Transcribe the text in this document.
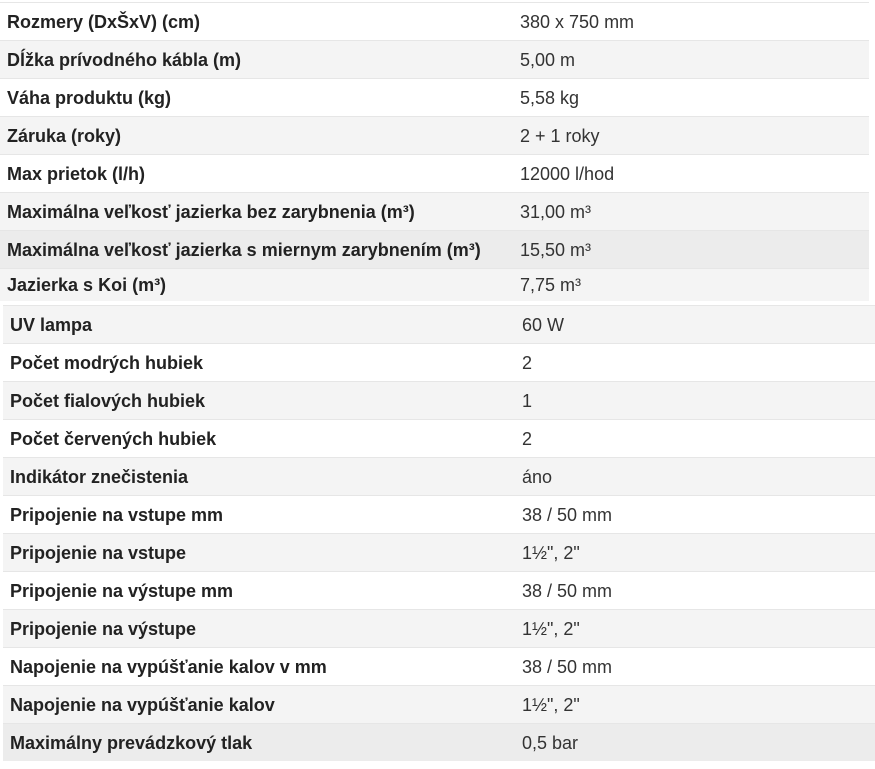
Rozmery (DxŠxV) (cm)	380 x 750 mm
Dĺžka prívodného kábla (m)	5,00 m
Váha produktu (kg)	5,58 kg
Záruka (roky)	2 + 1 roky
Max prietok (l/h)	12000 l/hod
Maximálna veľkosť jazierka bez zarybnenia (m³)	31,00 m³
Maximálna veľkosť jazierka s miernym zarybnením (m³)	15,50 m³
Jazierka s Koi (m³)	7,75 m³
UV lampa	60 W
Počet modrých hubiek	2
Počet fialových hubiek	1
Počet červených hubiek	2
Indikátor znečistenia	áno
Pripojenie na vstupe mm	38 / 50 mm
Pripojenie na vstupe	1½", 2"
Pripojenie na výstupe mm	38 / 50 mm
Pripojenie na výstupe	1½", 2"
Napojenie na vypúšťanie kalov v mm	38 / 50 mm
Napojenie na vypúšťanie kalov	1½", 2"
Maximálny prevádzkový tlak	0,5 bar
